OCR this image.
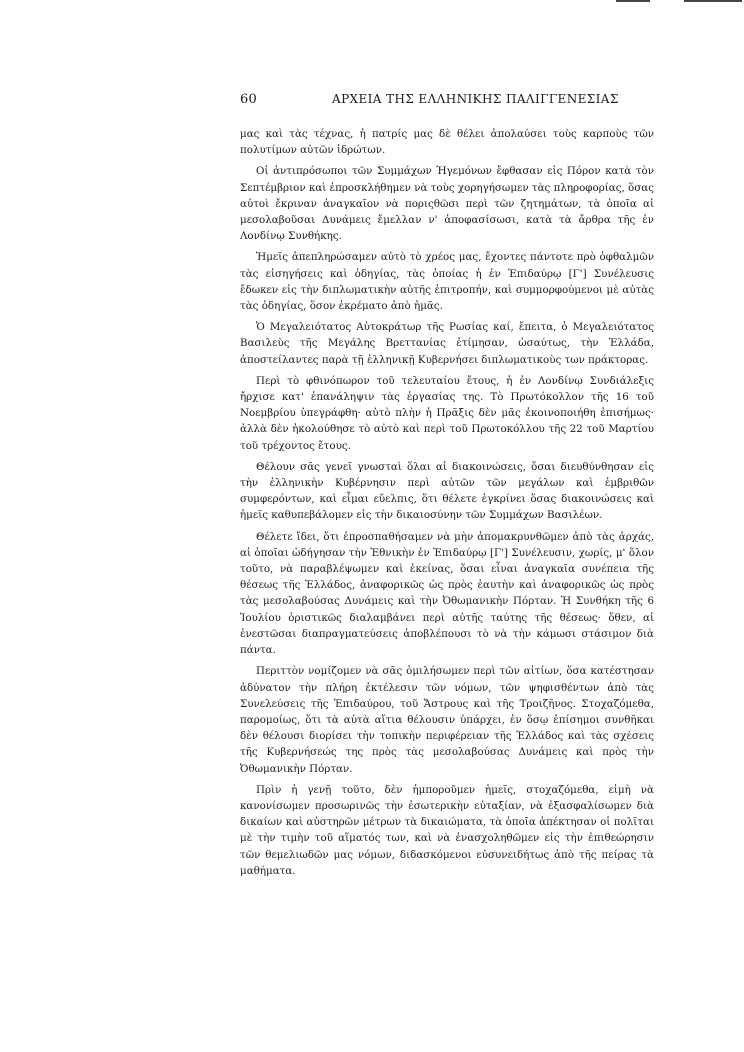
60	ΑΡΧΕΙΑ ΤΗΣ ΕΛΛΗΝΙΚΗΣ ΠΑΛΙΓΓΕΝΕΣΙΑΣ

μας καὶ τὰς τέχνας, ἡ πατρίς μας δὲ θέλει ἀπολαύσει τοὺς καρποὺς τῶν πολυτίμων αὐτῶν ἱδρώτων.

Οἱ ἀντιπρόσωποι τῶν Συμμάχων Ἡγεμόνων ἔφθασαν εἰς Πόρον κατὰ τὸν Σεπτέμβριον καὶ ἐπροσκλήθημεν νὰ τοὺς χορηγήσωμεν τὰς πληροφορίας, ὅσας αὐτοὶ ἔκριναν ἀναγκαῖον νὰ ποριςθῶσι περὶ τῶν ζητημάτων, τὰ ὁποῖα αἱ μεσολαβοῦσαι Δυνάμεις ἔμελλαν ν' ἀποφασίσωσι, κατὰ τὰ ἄρθρα τῆς ἐν Λονδίνῳ Συνθήκης.

Ἡμεῖς ἀπεπληρώσαμεν αὐτὸ τὸ χρέος μας, ἔχοντες πάντοτε πρὸ ὀφθαλμῶν τὰς εἰσηγήσεις καὶ ὁδηγίας, τὰς ὁποίας ἡ ἐν Ἐπιδαύρῳ [Γ'] Συνέλευσις ἔδωκεν εἰς τὴν διπλωματικὴν αὐτῆς ἐπιτροπήν, καὶ συμμορφούμενοι μὲ αὐτὰς τὰς ὁδηγίας, ὅσον ἐκρέματο ἀπὸ ἡμᾶς.

Ὁ Μεγαλειότατος Αὐτοκράτωρ τῆς Ρωσίας καί, ἔπειτα, ὁ Μεγαλειότατος Βασιλεὺς τῆς Μεγάλης Βρεττανίας ἐτίμησαν, ὡσαύτως, τὴν Ἑλλάδα, ἀποστείλαντες παρὰ τῇ ἑλληνικῇ Κυβερνήσει διπλωματικοὺς των πράκτορας.

Περὶ τὸ φθινόπωρον τοῦ τελευταίου ἔτους, ἡ ἐν Λονδίνῳ Συνδιάλεξις ἤρχισε κατ' ἐπανάληψιν τὰς ἐργασίας της. Τὸ Πρωτόκολλον τῆς 16 τοῦ Νοεμβρίου ὑπεγράφθη· αὐτὸ πλὴν ἡ Πρᾶξις δὲν μᾶς ἐκοινοποιήθη ἐπισήμως· ἀλλὰ δὲν ἠκολούθησε τὸ αὐτὸ καὶ περὶ τοῦ Πρωτοκόλλου τῆς 22 τοῦ Μαρτίου τοῦ τρέχοντος ἔτους.

Θέλουν σᾶς γενεῖ γνωσταὶ ὅλαι αἱ διακοινώσεις, ὅσαι διευθύνθησαν εἰς τὴν ἑλληνικὴν Κυβέρνησιν περὶ αὐτῶν τῶν μεγάλων καὶ ἐμβριθῶν συμφερόντων, καὶ εἶμαι εὔελπις, ὅτι θέλετε ἐγκρίνει ὅσας διακοινώσεις καὶ ἡμεῖς καθυπεβάλομεν εἰς τὴν δικαιοσύνην τῶν Συμμάχων Βασιλέων.

Θέλετε ἴδει, ὅτι ἐπροσπαθήσαμεν νὰ μὴν ἀπομακρυνθῶμεν ἀπὸ τὰς ἀρχάς, αἱ ὁποῖαι ὡδήγησαν τὴν Ἐθνικὴν ἐν Ἐπιδαύρῳ [Γ'] Συνέλευσιν, χωρίς, μ' ὅλον τοῦτο, νὰ παραβλέψωμεν καὶ ἐκείνας, ὅσαι εἶναι ἀναγκαῖα συνέπεια τῆς θέσεως τῆς Ἑλλάδος, ἀναφορικῶς ὡς πρὸς ἑαυτὴν καὶ ἀναφορικῶς ὡς πρὸς τὰς μεσολαβούσας Δυνάμεις καὶ τὴν Ὀθωμανικὴν Πόρταν. Ἡ Συνθήκη τῆς 6 Ἰουλίου ὁριστικῶς διαλαμβάνει περὶ αὐτῆς ταύτης τῆς θέσεως· ὅθεν, αἱ ἐνεστῶσαι διαπραγματεύσεις ἀποβλέπουσι τὸ νὰ τὴν κάμωσι στάσιμον διὰ πάντα.

Περιττὸν νομίζομεν νὰ σᾶς ὁμιλήσωμεν περὶ τῶν αἰτίων, ὅσα κατέστησαν ἀδύνατον τὴν πλήρη ἐκτέλεσιν τῶν νόμων, τῶν ψηφισθέντων ἀπὸ τὰς Συνελεύσεις τῆς Ἐπιδαύρου, τοῦ Ἄστρους καὶ τῆς Τροιζῆνος. Στοχαζόμεθα, παρομοίως, ὅτι τὰ αὐτὰ αἴτια θέλουσιν ὑπάρχει, ἐν ὅσῳ ἐπίσημοι συνθῆκαι δὲν θέλουσι διορίσει τὴν τοπικὴν περιφέρειαν τῆς Ἑλλάδος καὶ τὰς σχέσεις τῆς Κυβερνήσεώς της πρὸς τὰς μεσολαβούσας Δυνάμεις καὶ πρὸς τὴν Ὀθωμανικὴν Πόρταν.

Πρὶν ἡ γενῇ τοῦτο, δὲν ἠμποροῦμεν ἡμεῖς, στοχαζόμεθα, εἰμὴ νὰ κανονίσωμεν προσωρινῶς τὴν ἐσωτερικὴν εὐταξίαν, νὰ ἐξασφαλίσωμεν διὰ δικαίων καὶ αὐστηρῶν μέτρων τὰ δικαιώματα, τὰ ὁποῖα ἀπέκτησαν οἱ πολῖται μὲ τὴν τιμὴν τοῦ αἵματός των, καὶ νὰ ἐνασχοληθῶμεν εἰς τὴν ἐπιθεώρησιν τῶν θεμελιωδῶν μας νόμων, διδασκόμενοι εὐσυνειδήτως ἀπὸ τῆς πείρας τὰ μαθήματα.
